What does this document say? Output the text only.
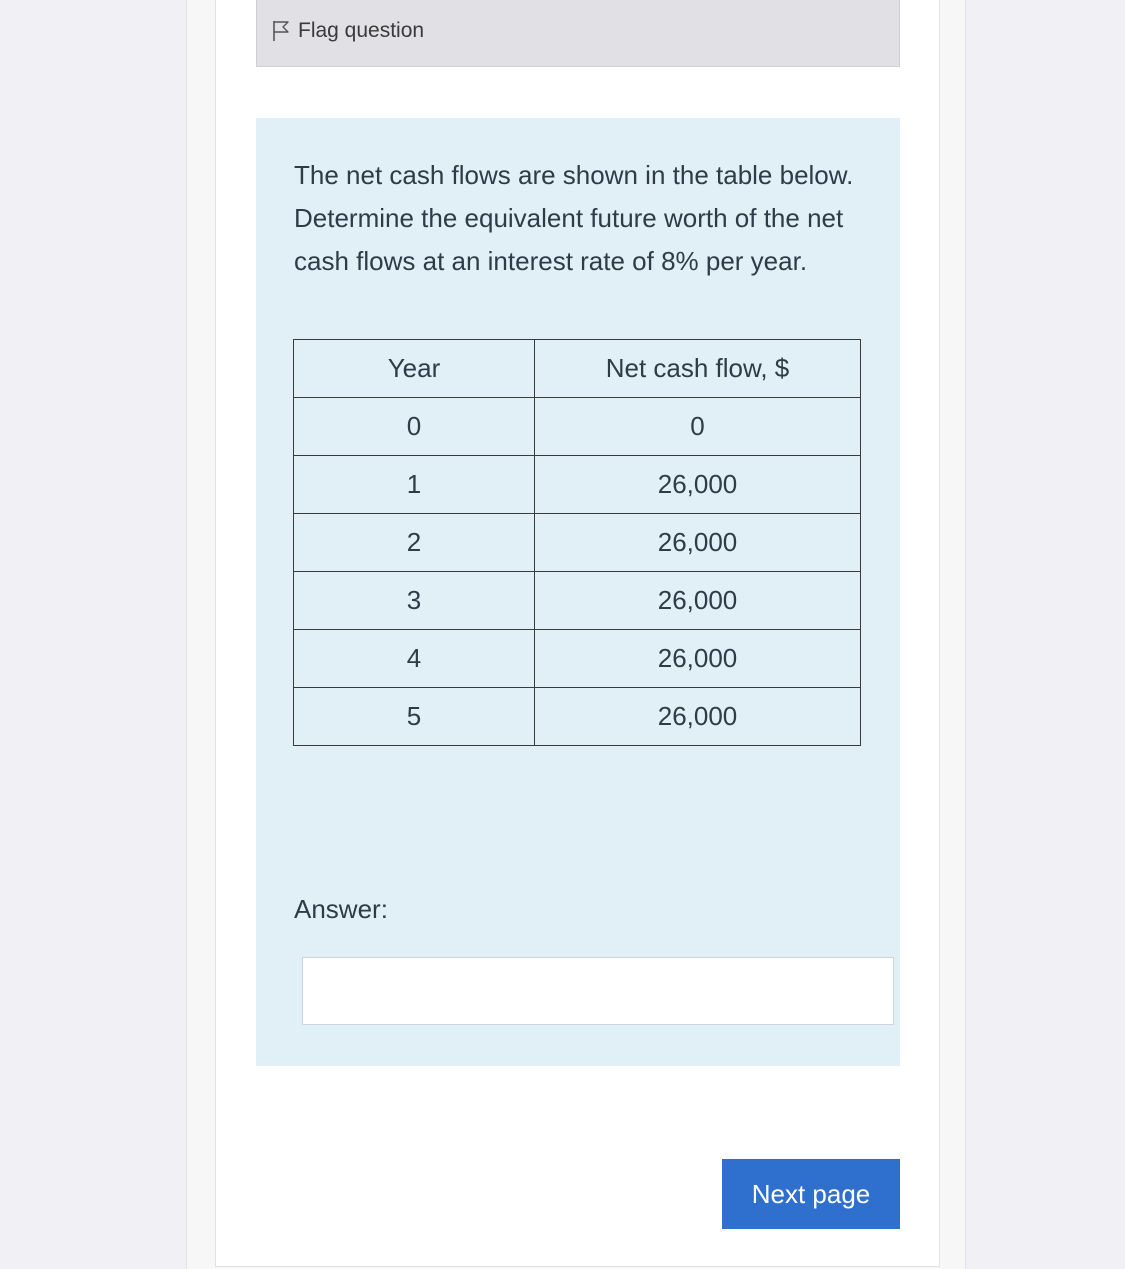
Flag question
The net cash flows are shown in the table below. Determine the equivalent future worth of the net cash flows at an interest rate of 8% per year.
Year	Net cash flow, $
0	0
1	26,000
2	26,000
3	26,000
4	26,000
5	26,000
Answer:
Next page
